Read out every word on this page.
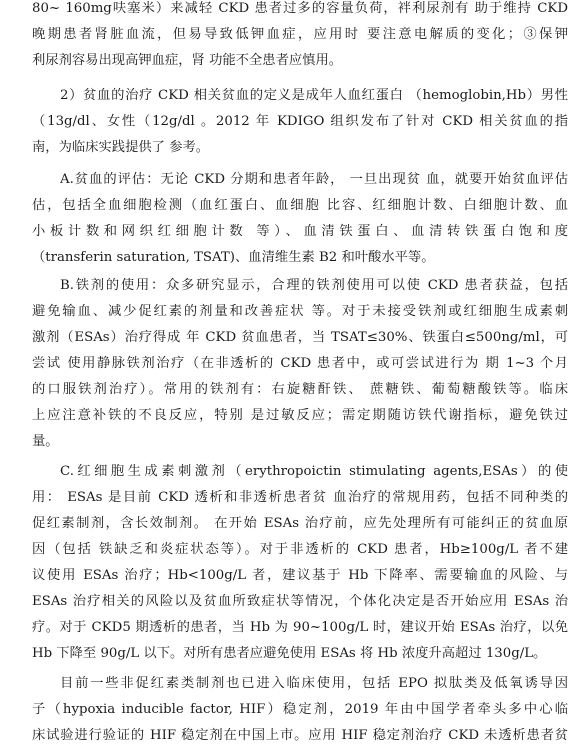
80~ 160mg呋塞米）来减轻 CKD 患者过多的容量负荷，袢利尿剂有 助于维持 CKD
晚期患者肾脏血流，但易导致低钾血症，应用时 要注意电解质的变化；③保钾
利尿剂容易出现高钾血症，肾 功能不全患者应慎用。
2）贫血的治疗 CKD 相关贫血的定义是成年人血红蛋白 （hemoglobin,Hb）男性
（13g/dl、女性（12g/dl 。2012 年 KDIGO 组织发布了针对 CKD 相关贫血的指
南，为临床实践提供了 参考。
A.贫血的评估：无论 CKD 分期和患者年龄， 一旦出现贫 血，就要开始贫血评估
估，包括全血细胞检测（血红蛋白、血细胞 比容、红细胞计数、白细胞计数、血
小板计数和网织红细胞计数 等）、血清铁蛋白、血清转铁蛋白饱和度
（transferin saturation, TSAT)、血清维生素 B2 和叶酸水平等。
B.铁剂的使用：众多研究显示，合理的铁剂使用可以使 CKD 患者获益，包括
避免输血、减少促红素的剂量和改善症状 等。对于未接受铁剂或红细胞生成素刺
激剂（ESAs）治疗得成 年 CKD 贫血患者，当 TSAT≤30%、铁蛋白≤500ng/ml，可
尝试 使用静脉铁剂治疗（在非透析的 CKD 患者中，或可尝试进行为 期 1~3 个月
的口服铁剂治疗）。常用的铁剂有：右旋糖酐铁、 蔗糖铁、葡萄糖酸铁等。临床
上应注意补铁的不良反应，特别 是过敏反应；需定期随访铁代谢指标，避免铁过
量。
C.红细胞生成素刺激剂（erythropoictin stimulating agents,ESAs）的使
用： ESAs 是目前 CKD 透析和非透析患者贫 血治疗的常规用药，包括不同种类的
促红素制剂，含长效制剂。 在开始 ESAs 治疗前，应先处理所有可能纠正的贫血原
因（包括 铁缺乏和炎症状态等）。对于非透析的 CKD 患者，Hb≥100g/L 者不建
议使用 ESAs 治疗；Hb<100g/L 者，建议基于 Hb 下降率、需要输血的风险、与
ESAs 治疗相关的风险以及贫血所致症状等情况，个体化决定是否开始应用 ESAs 治
疗。对于 CKD5 期透析的患者，当 Hb 为 90~100g/L 时，建议开始 ESAs 治疗，以免
Hb 下降至 90g/L 以下。对所有患者应避免使用 ESAs 将 Hb 浓度升高超过 130g/L。
目前一些非促红素类制剂也已进入临床使用，包括 EPO 拟肽类及低氧诱导因
子（hypoxia inducible factor, HIF）稳定剂，2019 年由中国学者牵头多中心临
床试验进行验证的 HIF 稳定剂在中国上市。应用 HIF 稳定剂治疗 CKD 未透析患者贫
